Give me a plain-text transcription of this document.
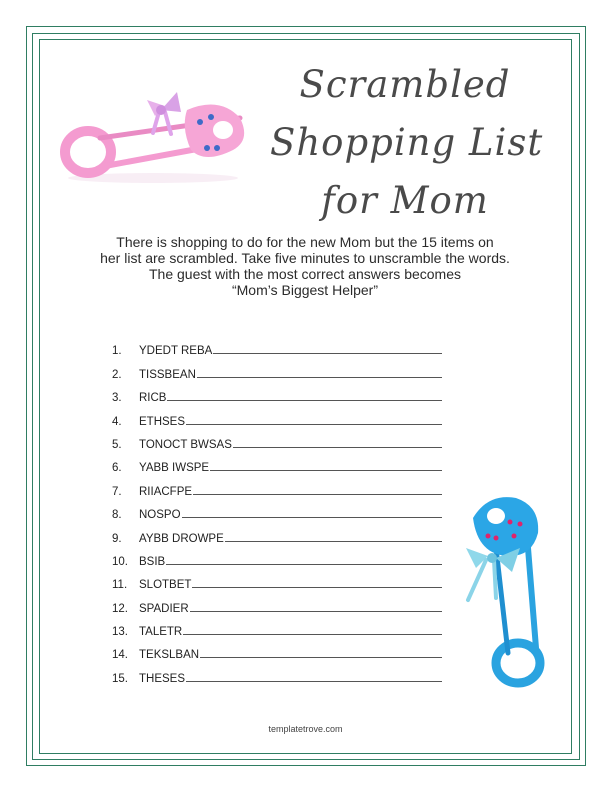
Scrambled
Shopping List
for Mom
There is shopping to do for the new Mom but the 15 items on
her list are scrambled. Take five minutes to unscramble the words.
The guest with the most correct answers becomes
“Mom’s Biggest Helper”
1.	YDEDT REBA
2.	TISSBEAN
3.	RICB
4.	ETHSES
5.	TONOCT BWSAS
6.	YABB IWSPE
7.	RIIACFPE
8.	NOSPO
9.	AYBB DROWPE
10. BSIB
11.	SLOTBET
12. SPADIER
13. TALETR
14. TEKSLBAN
15. THESES
templatetrove.com
